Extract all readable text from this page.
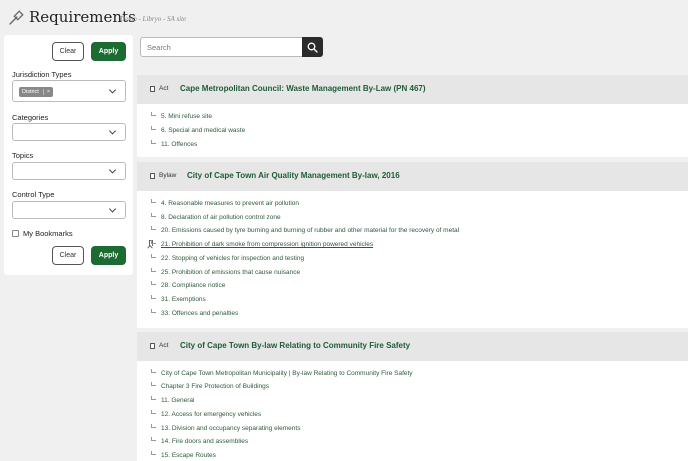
Requirements
Demo - Libryo - SA site
Clear	Apply
Jurisdiction Types
District	×
Categories
Topics
Control Type
My Bookmarks
Clear	Apply
Search
Act Cape Metropolitan Council: Waste Management By-Law (PN 467)
5. Mini refuse site
6. Special and medical waste
11. Offences
Bylaw City of Cape Town Air Quality Management By-law, 2016
4. Reasonable measures to prevent air pollution
8. Declaration of air pollution control zone
20. Emissions caused by tyre burning and burning of rubber and other material for the recovery of metal
21. Prohibition of dark smoke from compression ignition powered vehicles
22. Stopping of vehicles for inspection and testing
25. Prohibition of emissions that cause nuisance
28. Compliance notice
31. Exemptions
33. Offences and penalties
Act City of Cape Town By-law Relating to Community Fire Safety
City of Cape Town Metropolitan Municipality | By-law Relating to Community Fire Safety
Chapter 3 Fire Protection of Buildings
11. General
12. Access for emergency vehicles
13. Division and occupancy separating elements
14. Fire doors and assemblies
15. Escape Routes
